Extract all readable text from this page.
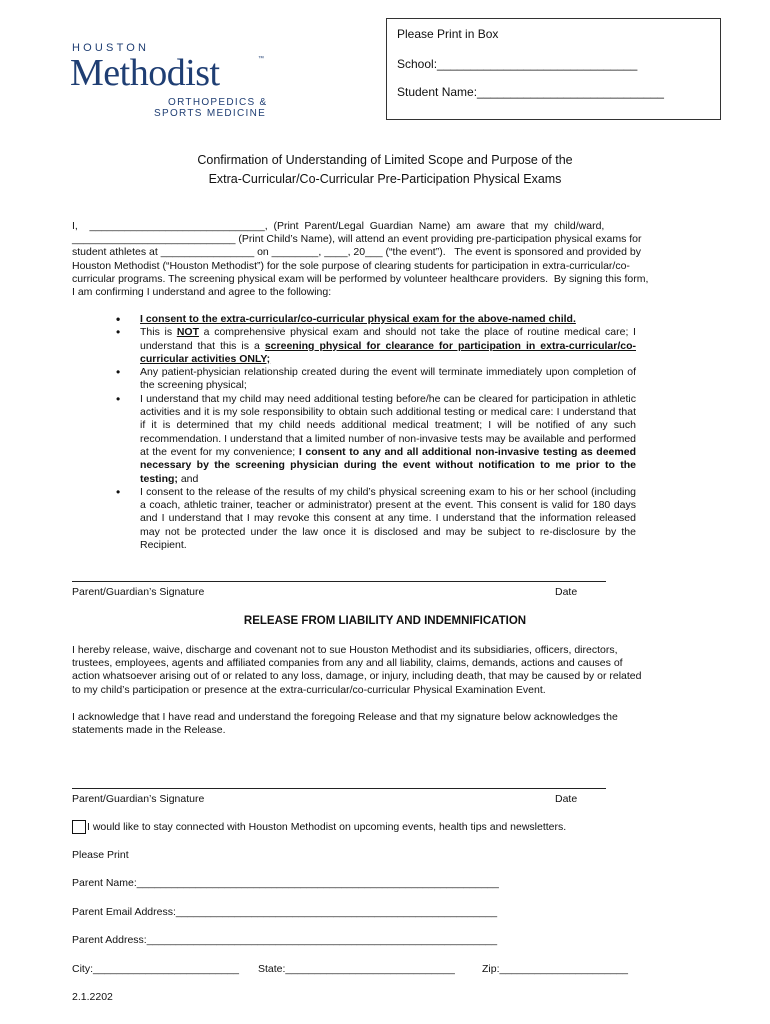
HOUSTON
Methodist	™
ORTHOPEDICS &
SPORTS MEDICINE
Please Print in Box
School:______________________________
Student Name:____________________________
Confirmation of Understanding of Limited Scope and Purpose of the
Extra-Curricular/Co-Curricular Pre-Participation Physical Exams
I,    ______________________________,  (Print  Parent/Legal  Guardian  Name)  am  aware  that  my  child/ward,
____________________________ (Print Child’s Name), will attend an event providing pre-participation physical exams for
student athletes at ________________ on ________, ____, 20___ (“the event”).   The event is sponsored and provided by
Houston Methodist (“Houston Methodist”) for the sole purpose of clearing students for participation in extra-curricular/co-
curricular programs. The screening physical exam will be performed by volunteer healthcare providers.  By signing this form,
I am confirming I understand and agree to the following:
• I consent to the extra-curricular/co-curricular physical exam for the above-named child.
• This is NOT a comprehensive physical exam and should not take the place of routine medical care; I understand that this is a screening physical for clearance for participation in extra-curricular/co-curricular activities ONLY;
• Any patient-physician relationship created during the event will terminate immediately upon completion of the screening physical;
• I understand that my child may need additional testing before/he can be cleared for participation in athletic activities and it is my sole responsibility to obtain such additional testing or medical care: I understand that if it is determined that my child needs additional medical treatment; I will be notified of any such recommendation. I understand that a limited number of non-invasive tests may be available and performed at the event for my convenience; I consent to any and all additional non-invasive testing as deemed necessary by the screening physician during the event without notification to me prior to the testing; and
• I consent to the release of the results of my child’s physical screening exam to his or her school (including a coach, athletic trainer, teacher or administrator) present at the event. This consent is valid for 180 days and I understand that I may revoke this consent at any time. I understand that the information released may not be protected under the law once it is disclosed and may be subject to re-disclosure by the Recipient.
Parent/Guardian’s Signature	Date
RELEASE FROM LIABILITY AND INDEMNIFICATION
I hereby release, waive, discharge and covenant not to sue Houston Methodist and its subsidiaries, officers, directors,
trustees, employees, agents and affiliated companies from any and all liability, claims, demands, actions and causes of
action whatsoever arising out of or related to any loss, damage, or injury, including death, that may be caused by or related
to my child’s participation or presence at the extra-curricular/co-curricular Physical Examination Event.
I acknowledge that I have read and understand the foregoing Release and that my signature below acknowledges the
statements made in the Release.
Parent/Guardian’s Signature	Date
I would like to stay connected with Houston Methodist on upcoming events, health tips and newsletters.
Please Print
Parent Name:______________________________________________________________
Parent Email Address:_______________________________________________________
Parent Address:____________________________________________________________
City:_________________________ State:_____________________________	Zip:______________________
2.1.2202
